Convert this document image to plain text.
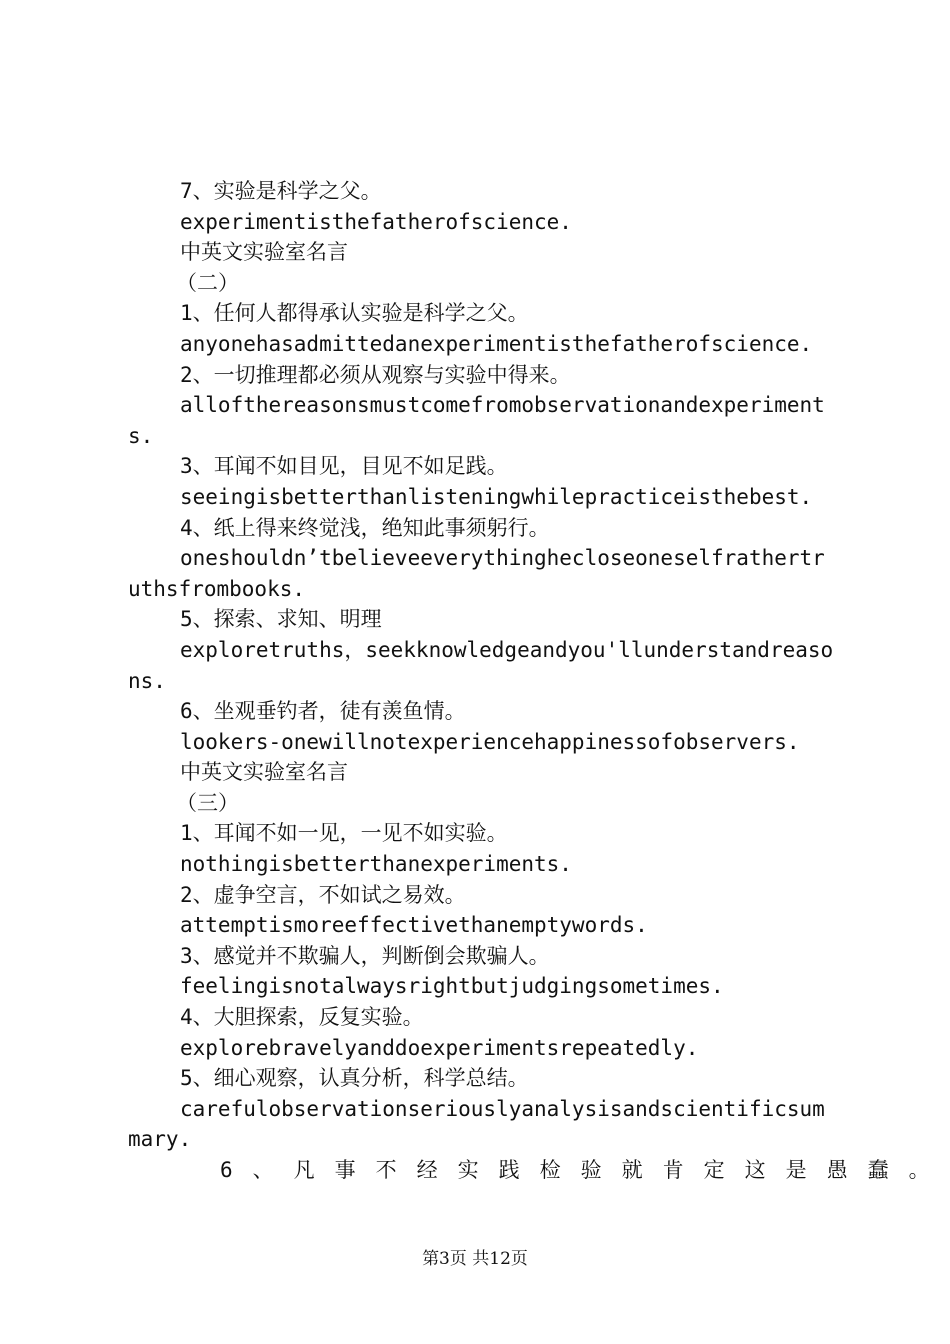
7、实验是科学之父。
experimentisthefatherofscience.
中英文实验室名言
（二）
1、任何人都得承认实验是科学之父。
anyonehasadmittedanexperimentisthefatherofscience.
2、一切推理都必须从观察与实验中得来。
allofthereasonsmustcomefromobservationandexperiments.
3、耳闻不如目见，目见不如足践。
seeingisbetterthanlisteningwhilepracticeisthebest.
4、纸上得来终觉浅，绝知此事须躬行。
oneshouldn’tbelieveeverythinghecloseoneselfrathertruthsfrombooks.
5、探索、求知、明理
exploretruths，seekknowledgeandyou'llunderstandreasons.
6、坐观垂钓者，徒有羡鱼情。
lookers-onewillnotexperiencehappinessofobservers.
中英文实验室名言
（三）
1、耳闻不如一见，一见不如实验。
nothingisbetterthanexperiments.
2、虚争空言，不如试之易效。
attemptismoreeffectivethanemptywords.
3、感觉并不欺骗人，判断倒会欺骗人。
feelingisnotalwaysrightbutjudgingsometimes.
4、大胆探索，反复实验。
explorebravelyanddoexperimentsrepeatedly.
5、细心观察，认真分析，科学总结。
carefulobservationseriouslyanalysisandscientificsummary.
6、凡事不经实践检验就肯定这是愚蠢。
第3页 共12页
